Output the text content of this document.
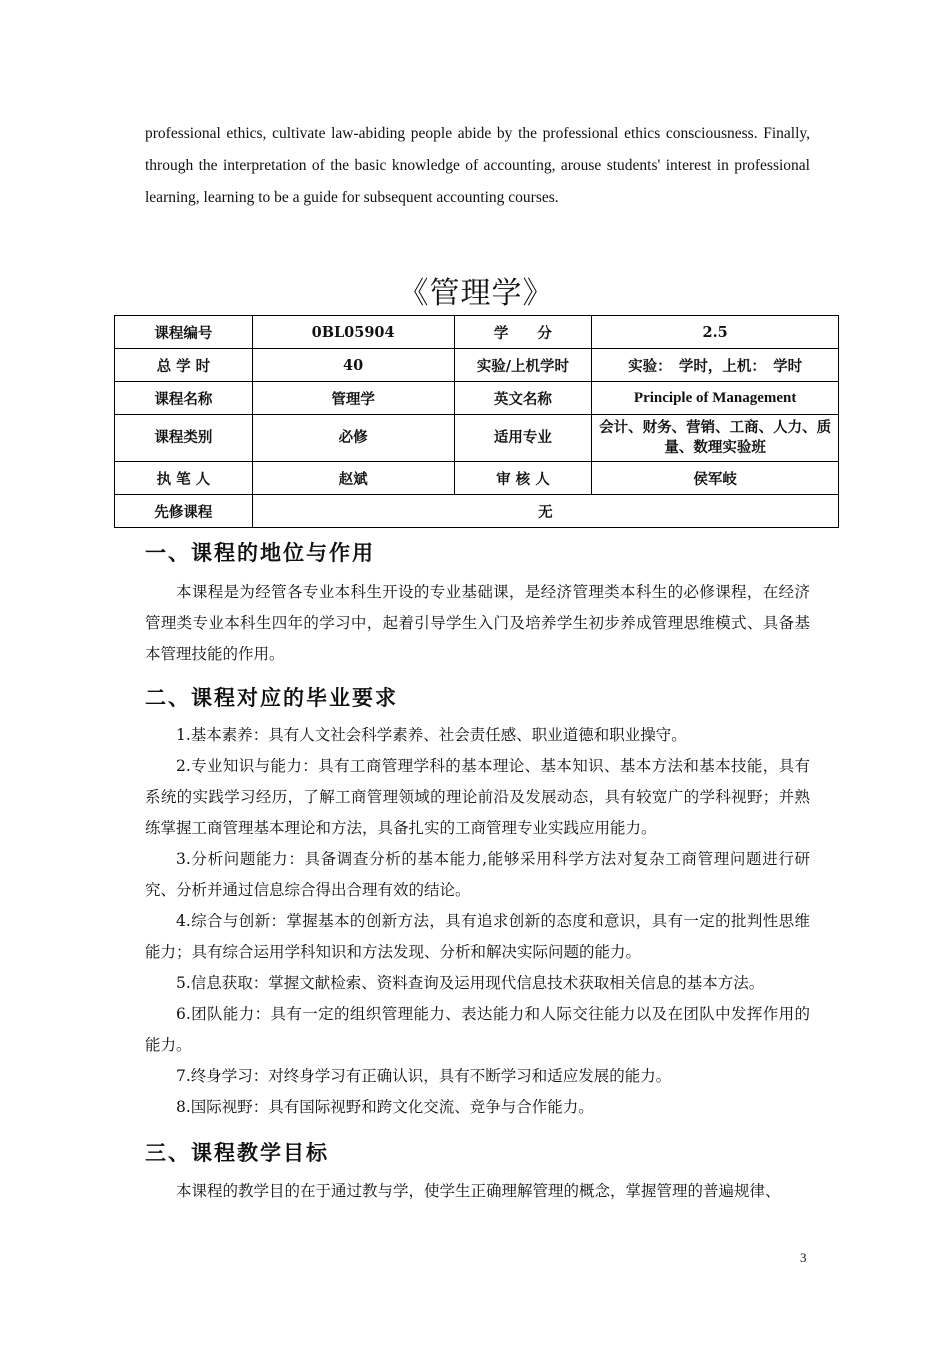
professional ethics, cultivate law-abiding people abide by the professional ethics consciousness. Finally, through the interpretation of the basic knowledge of accounting, arouse students' interest in professional learning, learning to be a guide for subsequent accounting courses.

《管理学》
课程编号	0BL05904	学　　分	2.5
总 学 时	40	实验/上机学时	实验：　学时，上机：　学时
课程名称	管理学	英文名称	Principle of Management
课程类别	必修	适用专业	会计、财务、营销、工商、人力、质量、数理实验班
执 笔 人	赵斌	审 核 人	侯军岐
先修课程	无		
一、课程的地位与作用

本课程是为经管各专业本科生开设的专业基础课，是经济管理类本科生的必修课程，在经济管理类专业本科生四年的学习中，起着引导学生入门及培养学生初步养成管理思维模式、具备基本管理技能的作用。

二、课程对应的毕业要求

1.基本素养：具有人文社会科学素养、社会责任感、职业道德和职业操守。

2.专业知识与能力：具有工商管理学科的基本理论、基本知识、基本方法和基本技能，具有系统的实践学习经历，了解工商管理领域的理论前沿及发展动态，具有较宽广的学科视野；并熟练掌握工商管理基本理论和方法，具备扎实的工商管理专业实践应用能力。

3.分析问题能力：具备调查分析的基本能力,能够采用科学方法对复杂工商管理问题进行研究、分析并通过信息综合得出合理有效的结论。

4.综合与创新：掌握基本的创新方法，具有追求创新的态度和意识，具有一定的批判性思维能力；具有综合运用学科知识和方法发现、分析和解决实际问题的能力。

5.信息获取：掌握文献检索、资料查询及运用现代信息技术获取相关信息的基本方法。

6.团队能力：具有一定的组织管理能力、表达能力和人际交往能力以及在团队中发挥作用的能力。

7.终身学习：对终身学习有正确认识，具有不断学习和适应发展的能力。

8.国际视野：具有国际视野和跨文化交流、竞争与合作能力。

三、课程教学目标

本课程的教学目的在于通过教与学，使学生正确理解管理的概念，掌握管理的普遍规律、

3
